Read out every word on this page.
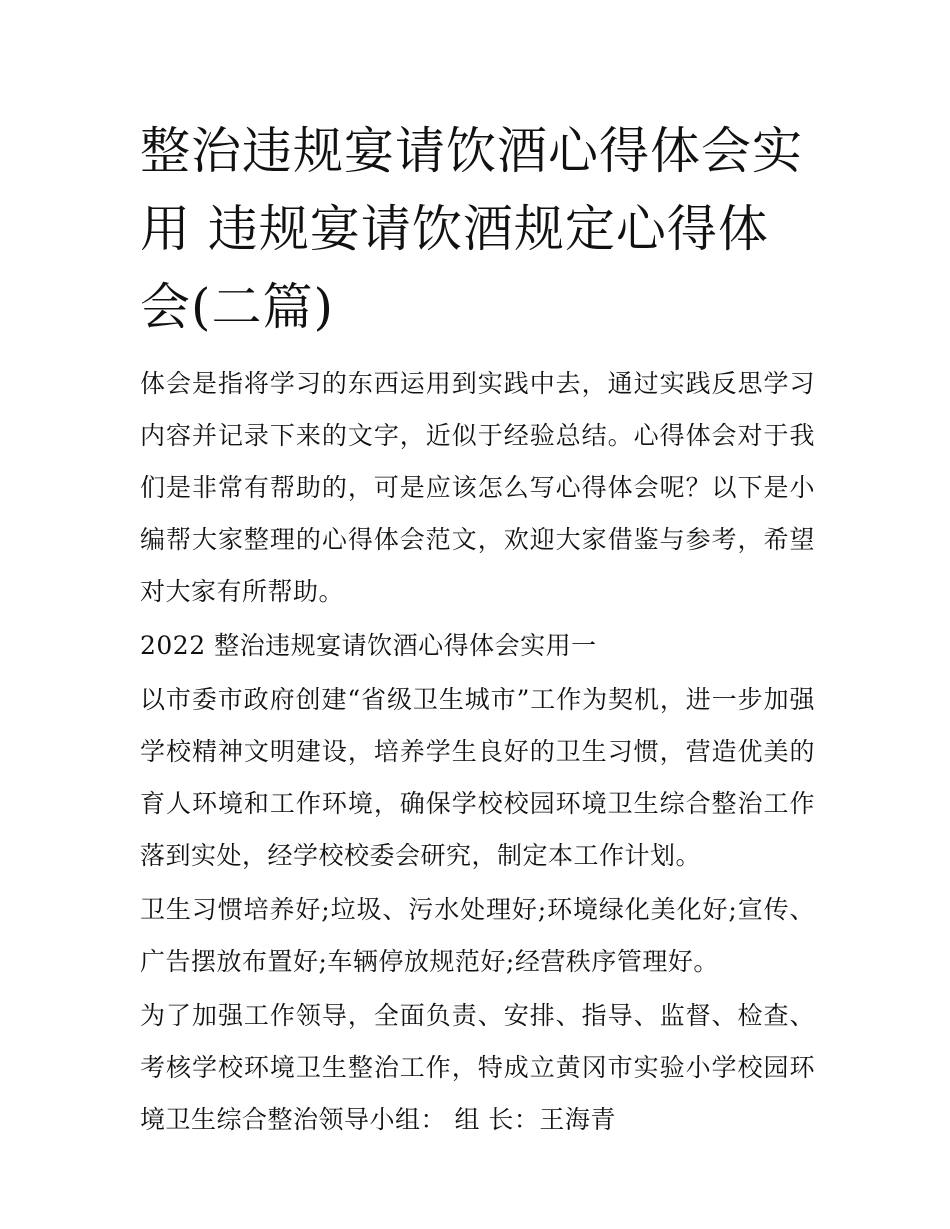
整治违规宴请饮酒心得体会实用 违规宴请饮酒规定心得体会(二篇)

体会是指将学习的东西运用到实践中去，通过实践反思学习内容并记录下来的文字，近似于经验总结。心得体会对于我们是非常有帮助的，可是应该怎么写心得体会呢？以下是小编帮大家整理的心得体会范文，欢迎大家借鉴与参考，希望对大家有所帮助。

2022 整治违规宴请饮酒心得体会实用一

以市委市政府创建“省级卫生城市”工作为契机，进一步加强学校精神文明建设，培养学生良好的卫生习惯，营造优美的育人环境和工作环境，确保学校校园环境卫生综合整治工作落到实处，经学校校委会研究，制定本工作计划。

卫生习惯培养好;垃圾、污水处理好;环境绿化美化好;宣传、广告摆放布置好;车辆停放规范好;经营秩序管理好。

为了加强工作领导，全面负责、安排、指导、监督、检查、考核学校环境卫生整治工作，特成立黄冈市实验小学校园环境卫生综合整治领导小组： 组 长：王海青
